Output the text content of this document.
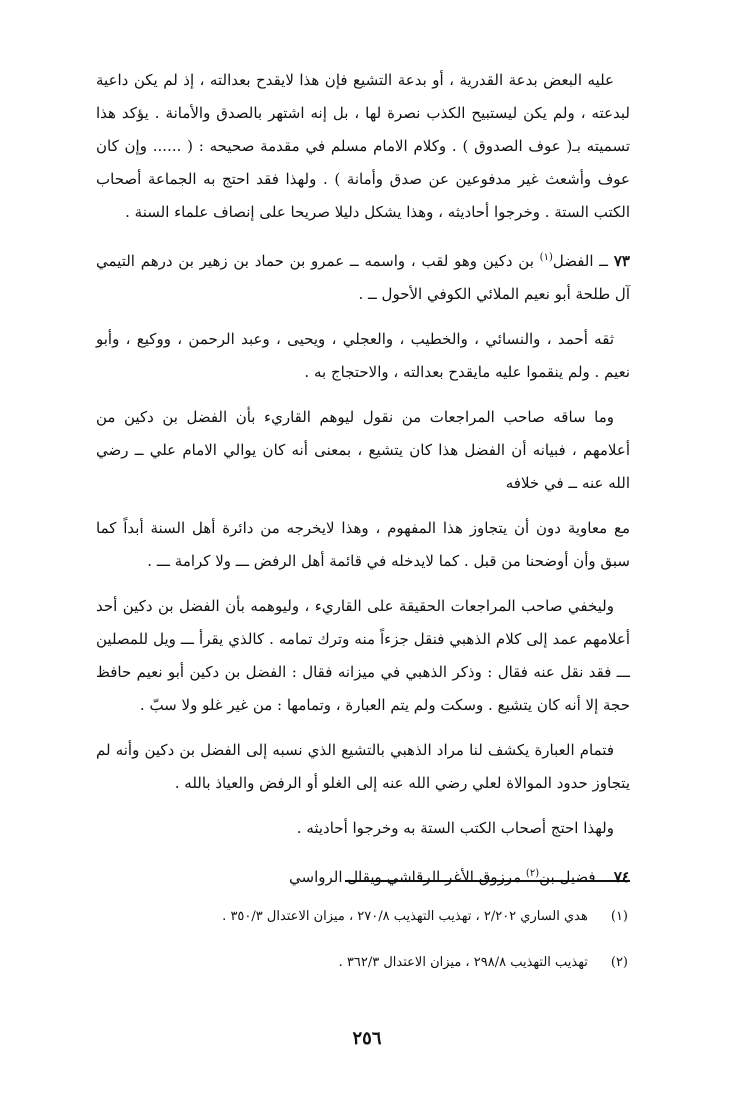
عليه البعض بدعة القدرية ، أو بدعة التشيع فإن هذا لايقدح بعدالته ، إذ لم يكن داعية لبدعته ، ولم يكن ليستبيح الكذب نصرة لها ، بل إنه اشتهر بالصدق والأمانة . يؤكد هذا تسميته بـ( عوف الصدوق ) . وكلام الامام مسلم في مقدمة صحيحه : ( ...... وإن كان عوف وأشعث غير مدفوعين عن صدق وأمانة ) . ولهذا فقد احتج به الجماعة أصحاب الكتب الستة . وخرجوا أحاديثه ، وهذا يشكل دليلا صريحا على إنصاف علماء السنة .

٧٣ ــ الفضل$^{(١)}$ بن دكين وهو لقب ، واسمه ــ عمرو بن حماد بن زهير بن درهم التيمي آل طلحة أبو نعيم الملائي الكوفي الأحول ــ .

ثقه أحمد ، والنسائي ، والخطيب ، والعجلي ، ويحيى ، وعبد الرحمن ، ووكيع ، وأبو نعيم . ولم ينقموا عليه مايقدح بعدالته ، والاحتجاج به .

وما ساقه صاحب المراجعات من نقول ليوهم القاريء بأن الفضل بن دكين من أعلامهم ، فبيانه أن الفضل هذا كان يتشيع ، بمعنى أنه كان يوالي الامام علي ــ رضي الله عنه ــ في خلافه

مع معاوية دون أن يتجاوز هذا المفهوم ، وهذا لايخرجه من دائرة أهل السنة أبداً كما سبق وأن أوضحنا من قبل . كما لايدخله في قائمة أهل الرفض ـــ ولا كرامة ـــ .

وليخفي صاحب المراجعات الحقيقة على القاريء ، وليوهمه بأن الفضل بن دكين أحد أعلامهم عمد إلى كلام الذهبي فنقل جزءاً منه وترك تمامه . كالذي يقرأ ـــ ويل للمصلين ـــ فقد نقل عنه فقال : وذكر الذهبي في ميزانه فقال : الفضل بن دكين أبو نعيم حافظ حجة إلا أنه كان يتشيع . وسكت ولم يتم العبارة ، وتمامها : من غير غلو ولا سبّ .

فتمام العبارة يكشف لنا مراد الذهبي بالتشيع الذي نسبه إلى الفضل بن دكين وأنه لم يتجاوز حدود الموالاة لعلي رضي الله عنه إلى الغلو أو الرفض والعياذ بالله .

ولهذا احتج أصحاب الكتب الستة به وخرجوا أحاديثه .

٧٤ ــ فضيل بن$^{(٢)}$ مرزوق الأغر الرقاشي ويقال الرواسي

(١) هدي الساري ٢/٢٠٢ ، تهذيب التهذيب ٢٧٠/٨ ، ميزان الاعتدال ٣٥٠/٣ .
(٢) تهذيب التهذيب ٢٩٨/٨ ، ميزان الاعتدال ٣٦٢/٣ .
٢٥٦
